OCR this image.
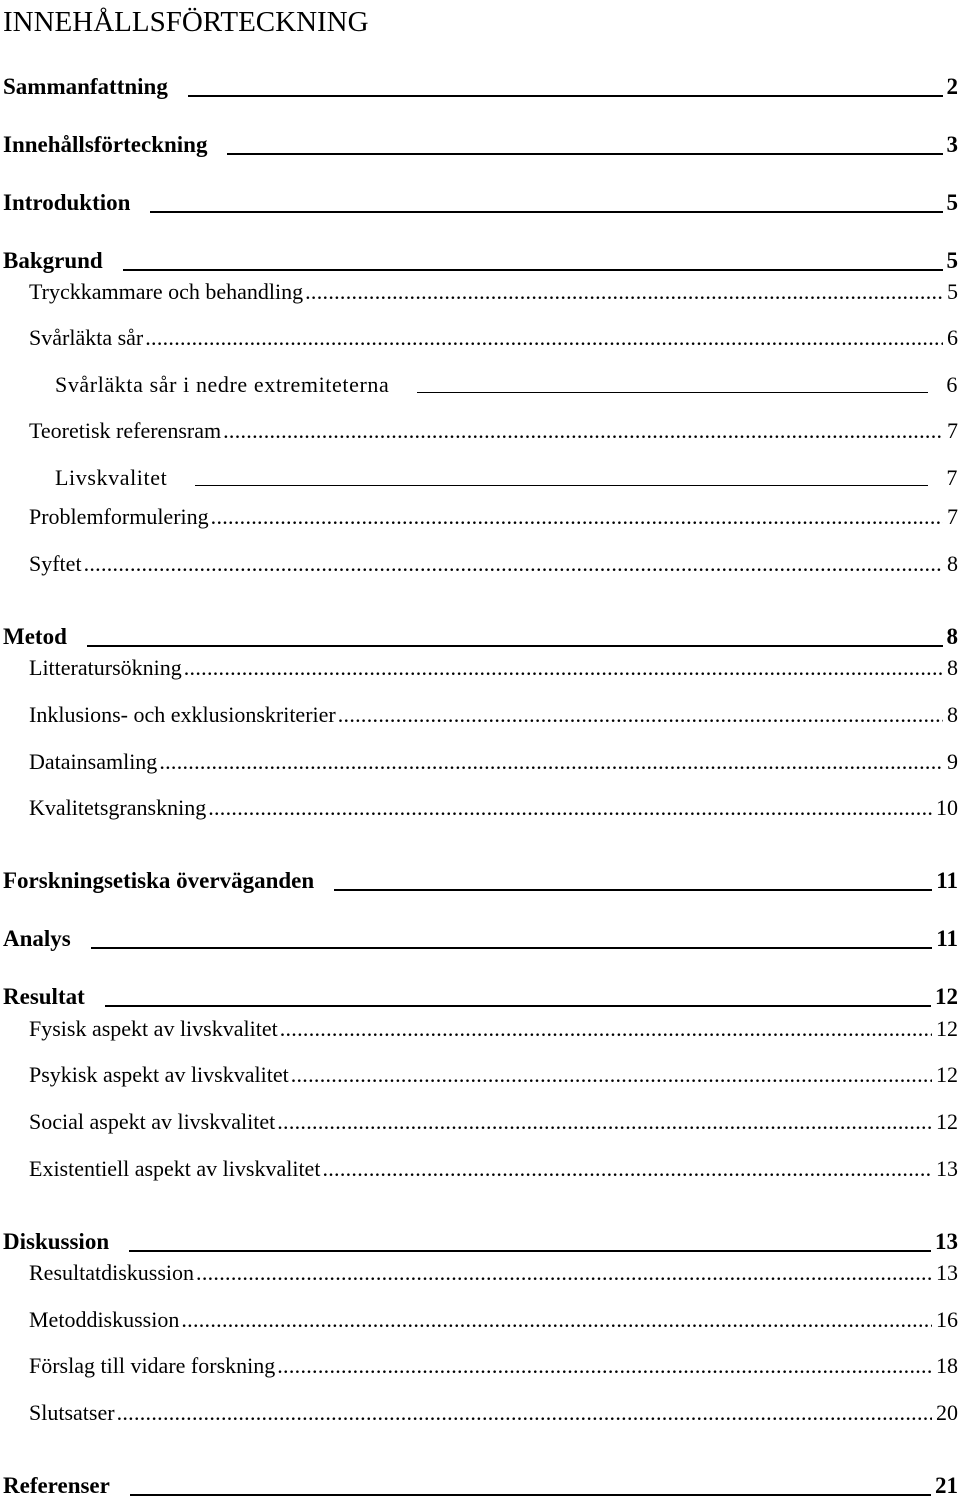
INNEHÅLLSFÖRTECKNING
Sammanfattning	2
Innehållsförteckning	3
Introduktion	5
Bakgrund	5
Tryckkammare och behandling .....	5
Svårläkta sår .....	6
Svårläkta sår i nedre extremiteterna	6
Teoretisk referensram .....	7
Livskvalitet	7
Problemformulering .....	7
Syftet .....	8
Metod	8
Litteratursökning .....	8
Inklusions- och exklusionskriterier .....	8
Datainsamling .....	9
Kvalitetsgranskning .....	10
Forskningsetiska överväganden	11
Analys	11
Resultat	12
Fysisk aspekt av livskvalitet .....	12
Psykisk aspekt av livskvalitet .....	12
Social aspekt av livskvalitet .....	12
Existentiell aspekt av livskvalitet .....	13
Diskussion	13
Resultatdiskussion .....	13
Metoddiskussion .....	16
Förslag till vidare forskning .....	18
Slutsatser .....	20
Referenser	21
